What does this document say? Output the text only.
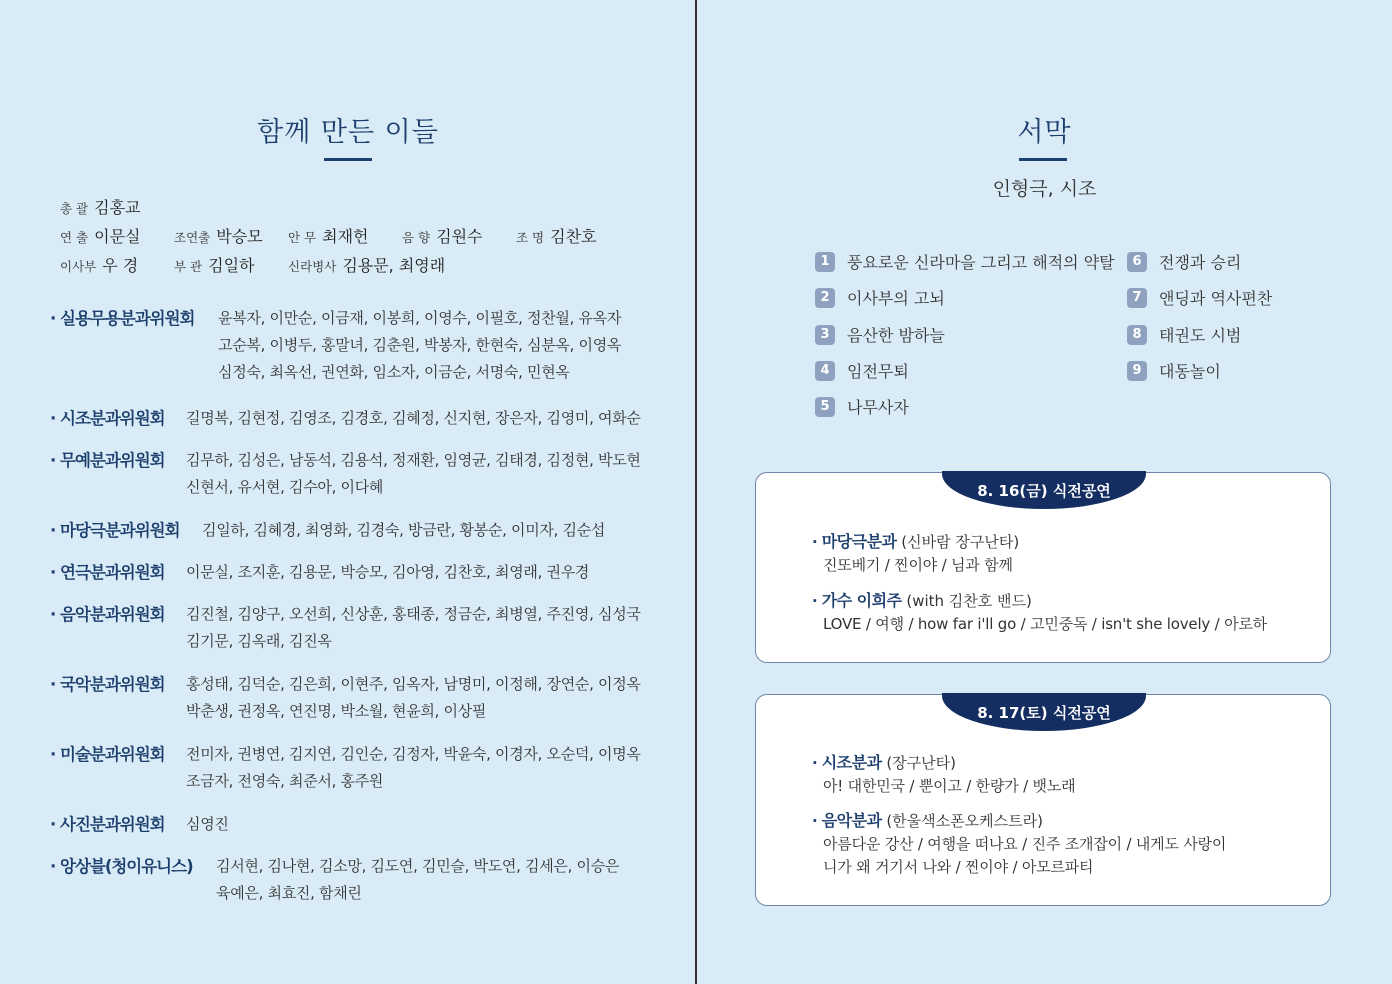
함께 만든 이들
총 괄 김홍교
연 출 이문실	조연출 박승모 안 무 최재헌	음 향 김원수	조 명 김찬호
이사부 우 경	부 관 김일하	신라병사 김용문, 최영래
· 실용무용분과위원회 윤복자, 이만순, 이금재, 이봉희, 이영수, 이필호, 정찬월, 유옥자
고순복, 이병두, 홍말녀, 김춘원, 박봉자, 한현숙, 심분옥, 이영옥
심정숙, 최옥선, 권연화, 임소자, 이금순, 서명숙, 민현옥
· 시조분과위원회 길명복, 김현정, 김영조, 김경호, 김혜정, 신지현, 장은자, 김영미, 여화순
· 무예분과위원회 김무하, 김성은, 남동석, 김용석, 정재환, 임영균, 김태경, 김정현, 박도현
신현서, 유서현, 김수아, 이다혜
· 마당극분과위원회 김일하, 김혜경, 최영화, 김경숙, 방금란, 황봉순, 이미자, 김순섭
· 연극분과위원회 이문실, 조지훈, 김용문, 박승모, 김아영, 김찬호, 최영래, 권우경
· 음악분과위원회 김진철, 김양구, 오선희, 신상훈, 홍태종, 정금순, 최병열, 주진영, 심성국
김기문, 김옥래, 김진옥
· 국악분과위원회 홍성태, 김덕순, 김은희, 이현주, 임옥자, 남명미, 이정해, 장연순, 이정옥
박춘생, 권정옥, 연진명, 박소월, 현윤희, 이상필
· 미술분과위원회 전미자, 권병연, 김지연, 김인순, 김정자, 박윤숙, 이경자, 오순덕, 이명옥
조금자, 전영숙, 최준서, 홍주원
· 사진분과위원회 심영진
· 앙상블(청이유니스) 김서현, 김나현, 김소망, 김도연, 김민슬, 박도연, 김세은, 이승은
육예은, 최효진, 함채린
서막
인형극, 시조
1	풍요로운 신라마을 그리고 해적의 약탈
2	이사부의 고뇌
3	음산한 밤하늘
4	임전무퇴
5	나무사자
6	전쟁과 승리
7	앤딩과 역사편찬
8	태권도 시범
9	대동놀이
8. 16(금) 식전공연
· 마당극분과 (신바람 장구난타)
진또베기 / 찐이야 / 님과 함께
· 가수 이희주 (with 김찬호 밴드)
LOVE / 여행 / how far i'll go / 고민중독 / isn't she lovely / 아로하
8. 17(토) 식전공연
· 시조분과 (장구난타)
아! 대한민국 / 뿐이고 / 한량가 / 뱃노래
· 음악분과 (한울색소폰오케스트라)
아름다운 강산 / 여행을 떠나요 / 진주 조개잡이 / 내게도 사랑이
니가 왜 거기서 나와 / 찐이야 / 아모르파티
